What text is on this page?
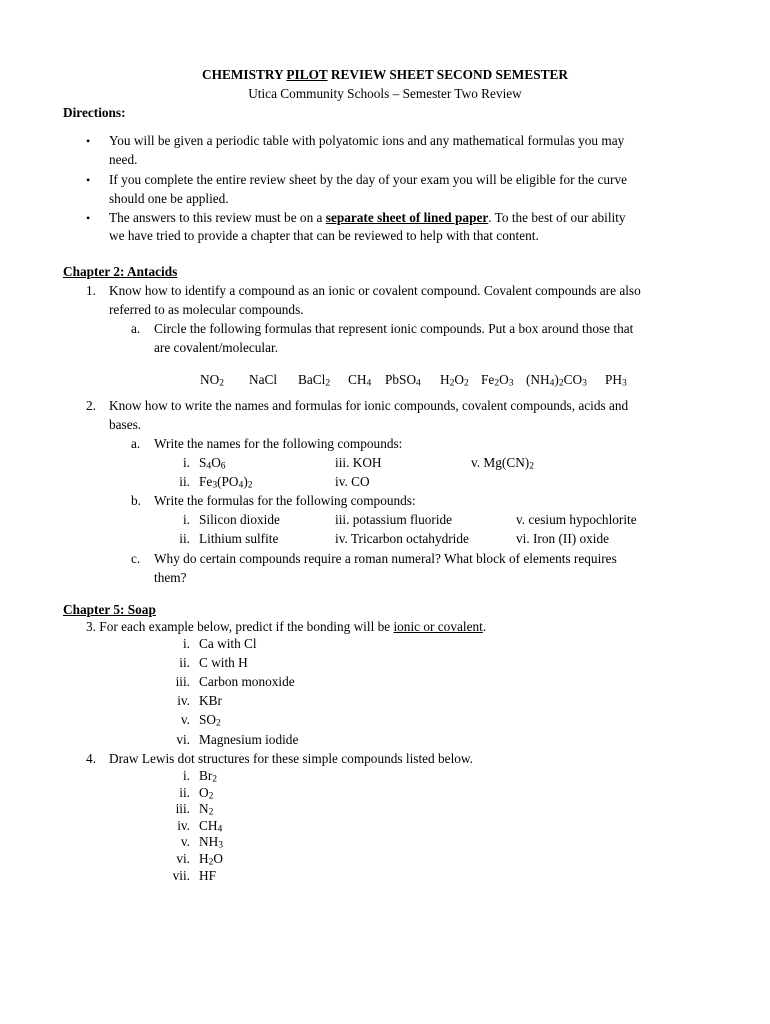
CHEMISTRY PILOT REVIEW SHEET SECOND SEMESTER
Utica Community Schools – Semester Two Review
Directions:
• You will be given a periodic table with polyatomic ions and any mathematical formulas you may
need.
• If you complete the entire review sheet by the day of your exam you will be eligible for the curve
should one be applied.
• The answers to this review must be on a separate sheet of lined paper. To the best of our ability
we have tried to provide a chapter that can be reviewed to help with that content.
Chapter 2: Antacids
1. Know how to identify a compound as an ionic or covalent compound. Covalent compounds are also
referred to as molecular compounds.
a. Circle the following formulas that represent ionic compounds. Put a box around those that
are covalent/molecular.
$NO_2$ NaCl BaCl$_2$ $CH_4$ PbSO$_4$ $H_2O_2$ $Fe_2O_3$ $(NH_4)_2CO_3$ $PH_3$
2. Know how to write the names and formulas for ionic compounds, covalent compounds, acids and
bases.
a. Write the names for the following compounds:
i. $S_4O_6$	iii. KOH	v. $Mg(CN)_2$
ii. $Fe_3(PO_4)_2$	iv. CO
b. Write the formulas for the following compounds:
i. Silicon dioxide	iii. potassium fluoride	v. cesium hypochlorite
ii. Lithium sulfite	iv. Tricarbon octahydride	vi. Iron (II) oxide
c. Why do certain compounds require a roman numeral? What block of elements requires
them?
Chapter 5: Soap
3. For each example below, predict if the bonding will be ionic or covalent.
i. Ca with Cl
ii. C with H
iii. Carbon monoxide
iv. KBr
v. $SO_2$
vi. Magnesium iodide
4. Draw Lewis dot structures for these simple compounds listed below.
i. $Br_2$
ii. $O_2$
iii. $N_2$
iv. $CH_4$
v. $NH_3$
vi. $H_2O$
vii. HF
